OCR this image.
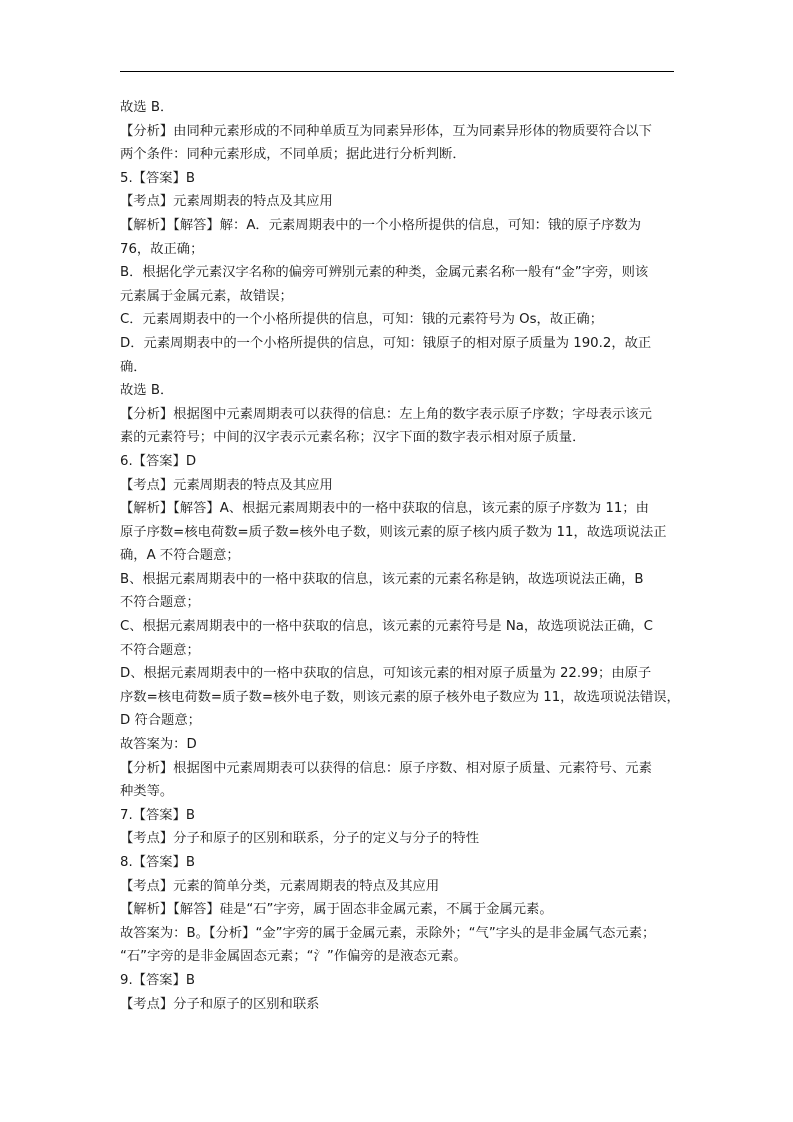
故选 B．
【分析】由同种元素形成的不同种单质互为同素异形体，互为同素异形体的物质要符合以下
两个条件：同种元素形成，不同单质；据此进行分析判断．
5.【答案】B
【考点】元素周期表的特点及其应用
【解析】【解答】解：A．元素周期表中的一个小格所提供的信息，可知：锇的原子序数为
76，故正确；
B．根据化学元素汉字名称的偏旁可辨别元素的种类，金属元素名称一般有“金”字旁，则该
元素属于金属元素，故错误；
C．元素周期表中的一个小格所提供的信息，可知：锇的元素符号为 Os，故正确；
D．元素周期表中的一个小格所提供的信息，可知：锇原子的相对原子质量为 190.2，故正
确．
故选 B．
【分析】根据图中元素周期表可以获得的信息：左上角的数字表示原子序数；字母表示该元
素的元素符号；中间的汉字表示元素名称；汉字下面的数字表示相对原子质量．
6.【答案】D
【考点】元素周期表的特点及其应用
【解析】【解答】A、根据元素周期表中的一格中获取的信息，该元素的原子序数为 11；由
原子序数=核电荷数=质子数=核外电子数，则该元素的原子核内质子数为 11，故选项说法正
确，A 不符合题意；
B、根据元素周期表中的一格中获取的信息，该元素的元素名称是钠，故选项说法正确，B
不符合题意；
C、根据元素周期表中的一格中获取的信息，该元素的元素符号是 Na，故选项说法正确，C
不符合题意；
D、根据元素周期表中的一格中获取的信息，可知该元素的相对原子质量为 22.99；由原子
序数=核电荷数=质子数=核外电子数，则该元素的原子核外电子数应为 11，故选项说法错误，
D 符合题意；
故答案为：D
【分析】根据图中元素周期表可以获得的信息：原子序数、相对原子质量、元素符号、元素
种类等。
7.【答案】B
【考点】分子和原子的区别和联系，分子的定义与分子的特性
8.【答案】B
【考点】元素的简单分类，元素周期表的特点及其应用
【解析】【解答】硅是“石”字旁，属于固态非金属元素，不属于金属元素。
故答案为：B。【分析】“金”字旁的属于金属元素，汞除外；“气”字头的是非金属气态元素；
“石”字旁的是非金属固态元素；“氵”作偏旁的是液态元素。
9.【答案】B
【考点】分子和原子的区别和联系
